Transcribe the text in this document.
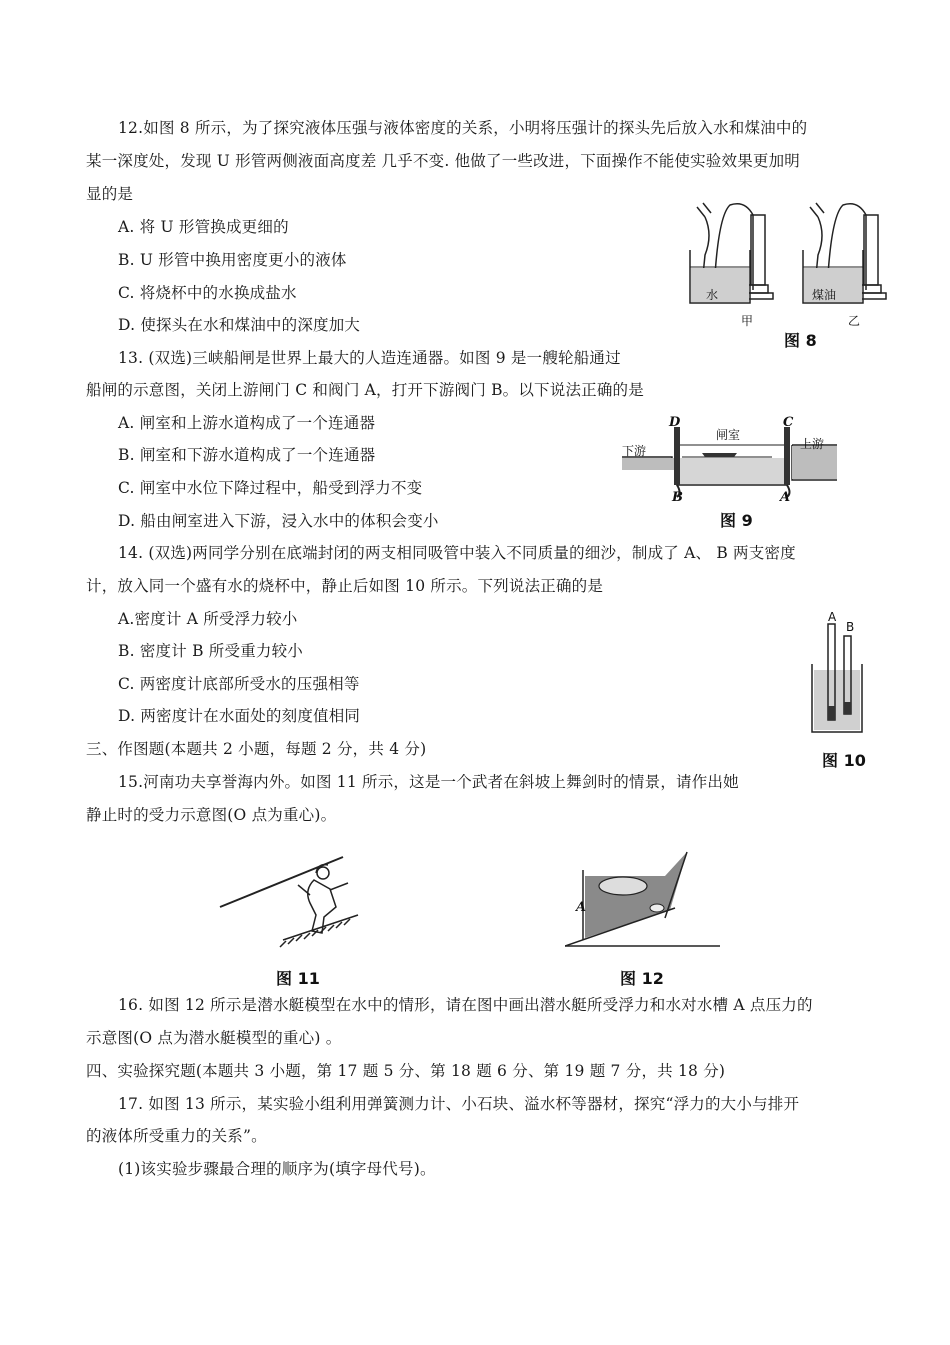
12.如图 8 所示，为了探究液体压强与液体密度的关系，小明将压强计的探头先后放入水和煤油中的
某一深度处，发现 U 形管两侧液面高度差 几乎不变. 他做了一些改进，下面操作不能使实验效果更加明
显的是
A. 将 U 形管换成更细的
B. U 形管中换用密度更小的液体
C. 将烧杯中的水换成盐水
D. 使探头在水和煤油中的深度加大
水	煤油
甲	乙
图 8
13. (双选)三峡船闸是世界上最大的人造连通器。如图 9 是一艘轮船通过
船闸的示意图，关闭上游闸门 C 和阀门 A，打开下游阀门 B。以下说法正确的是
A. 闸室和上游水道构成了一个连通器
B. 闸室和下游水道构成了一个连通器
C. 闸室中水位下降过程中，船受到浮力不变
D. 船由闸室进入下游，浸入水中的体积会变小
D	C
闸室
下游	上游
B	A
图 9
14. (双选)两同学分别在底端封闭的两支相同吸管中装入不同质量的细沙，制成了 A、 B 两支密度
计，放入同一个盛有水的烧杯中，静止后如图 10 所示。下列说法正确的是
A.密度计 A 所受浮力较小
B. 密度计 B 所受重力较小
C. 两密度计底部所受水的压强相等
D. 两密度计在水面处的刻度值相同
A
B
图 10
三、作图题(本题共 2 小题，每题 2 分，共 4 分)
15.河南功夫享誉海内外。如图 11 所示，这是一个武者在斜坡上舞剑时的情景，请作出她
静止时的受力示意图(O 点为重心)。
图 11
A
图 12
16. 如图 12 所示是潜水艇模型在水中的情形，请在图中画出潜水艇所受浮力和水对水槽 A 点压力的
示意图(O 点为潜水艇模型的重心) 。
四、实验探究题(本题共 3 小题，第 17 题 5 分、第 18 题 6 分、第 19 题 7 分，共 18 分)
17. 如图 13 所示，某实验小组利用弹簧测力计、小石块、溢水杯等器材，探究“浮力的大小与排开
的液体所受重力的关系”。
(1)该实验步骤最合理的顺序为(填字母代号)。
